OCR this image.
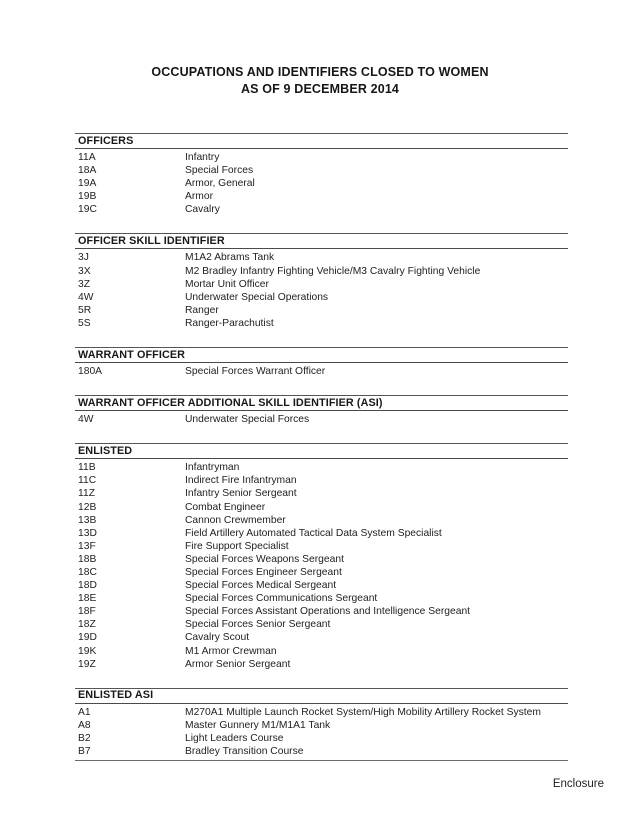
OCCUPATIONS AND IDENTIFIERS CLOSED TO WOMEN
AS OF 9 DECEMBER 2014
OFFICERS
11A	Infantry
18A	Special Forces
19A	Armor, General
19B	Armor
19C	Cavalry
OFFICER SKILL IDENTIFIER
3J	M1A2 Abrams Tank
3X	M2 Bradley Infantry Fighting Vehicle/M3 Cavalry Fighting Vehicle
3Z	Mortar Unit Officer
4W	Underwater Special Operations
5R	Ranger
5S	Ranger-Parachutist
WARRANT OFFICER
180A	Special Forces Warrant Officer
WARRANT OFFICER ADDITIONAL SKILL IDENTIFIER (ASI)
4W	Underwater Special Forces
ENLISTED
11B	Infantryman
11C	Indirect Fire Infantryman
11Z	Infantry Senior Sergeant
12B	Combat Engineer
13B	Cannon Crewmember
13D	Field Artillery Automated Tactical Data System Specialist
13F	Fire Support Specialist
18B	Special Forces Weapons Sergeant
18C	Special Forces Engineer Sergeant
18D	Special Forces Medical Sergeant
18E	Special Forces Communications Sergeant
18F	Special Forces Assistant Operations and Intelligence Sergeant
18Z	Special Forces Senior Sergeant
19D	Cavalry Scout
19K	M1 Armor Crewman
19Z	Armor Senior Sergeant
ENLISTED ASI
A1	M270A1 Multiple Launch Rocket System/High Mobility Artillery Rocket System
A8	Master Gunnery M1/M1A1 Tank
B2	Light Leaders Course
B7	Bradley Transition Course
Enclosure
